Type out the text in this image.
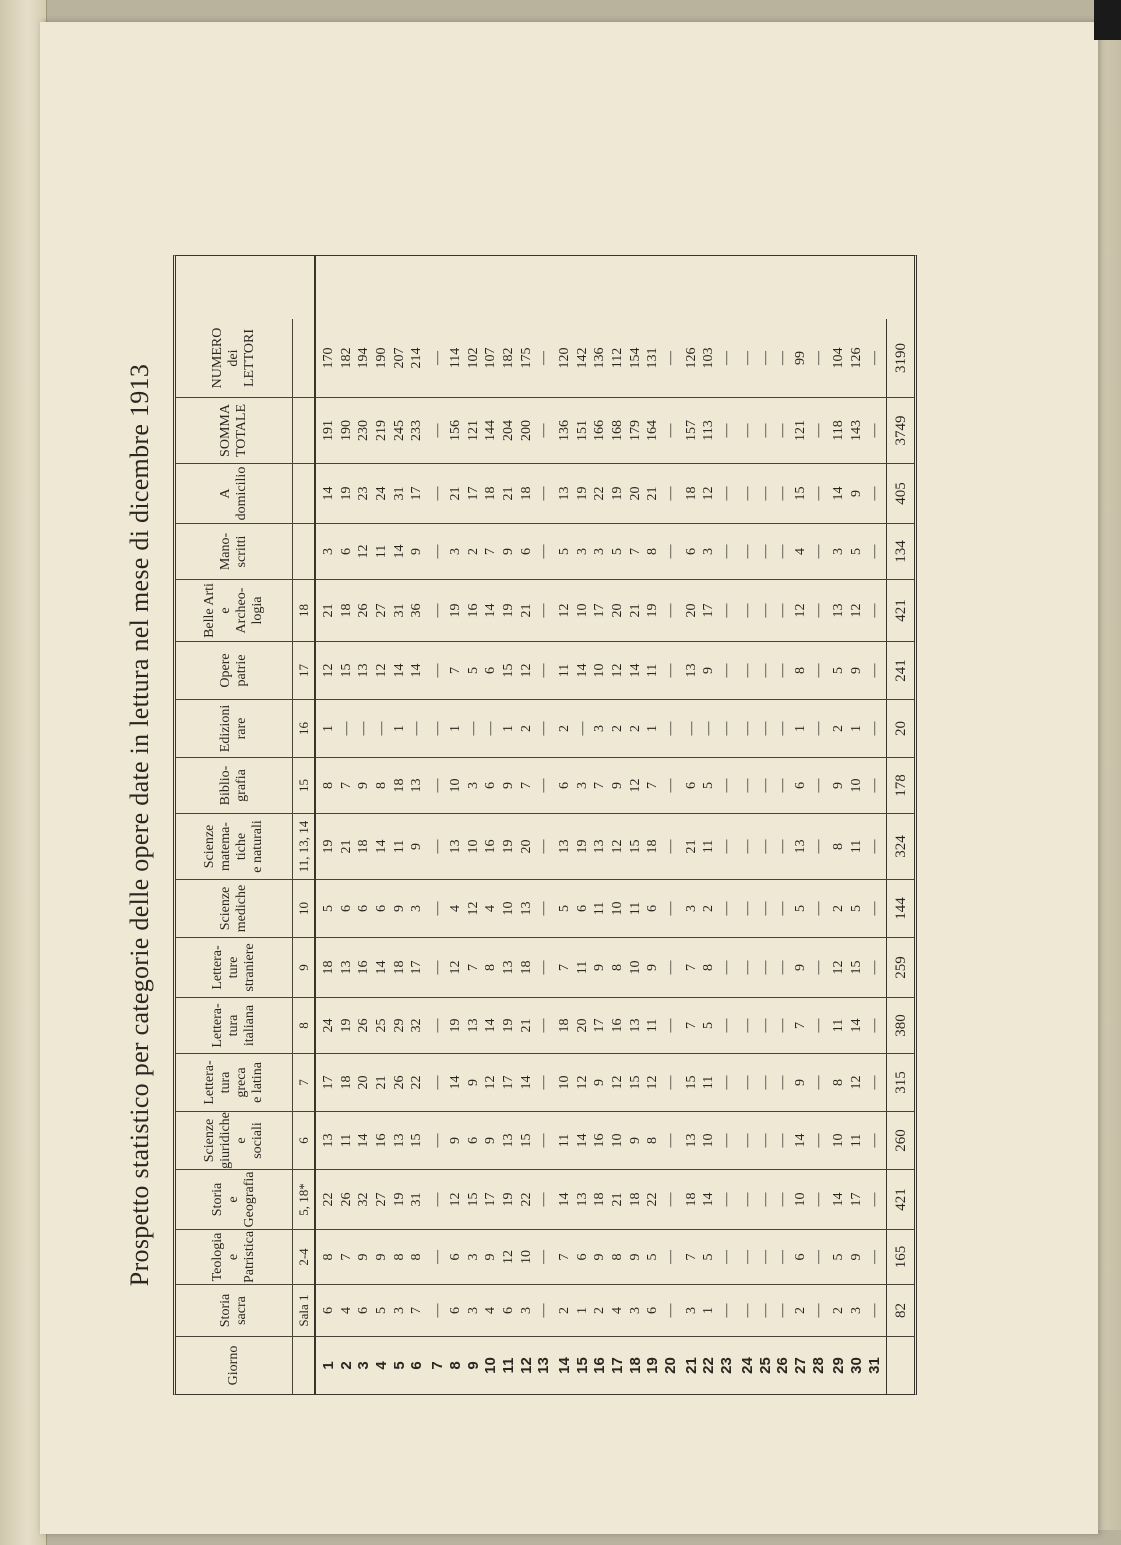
Prospetto statistico per categorie delle opere date in lettura nel mese di dicembre 1913
Giorno
Storia sacra
Teologia e Patristica
Storia e Geografia
Scienze giuridiche e sociali
Lettera- tura greca e latina
Lettera- tura italiana
Lettera- ture straniere
Scienze mediche
Scienze matema- tiche e naturali
Biblio- grafia
Edizioni rare
Opere patrie
Belle Arti e Archeo- logia
Mano- scritti
A domicilio
SOMMA TOTALE
NUMERO dei LETTORI
Sala 1
2-4
5, 18*
6
7
8
9
10
11, 13, 14
15
16
17
18
1 2 3 4 5 6 7 8 9 10 11 12 13 14 15 16 17 18 19 20 21 22 23 24 25 26 27 28 29 30 31
6 4 6 5 3 7 — 6 3 4 6 3 — 2 1 2 4 3 6 — 3 1 — — — — 2 — 2 3 —
8 7 9 9 8 8 — 6 3 9 12 10 — 7 6 9 8 9 5 — 7 5 — — — — 6 — 5 9 —
22 26 32 27 19 31 — 12 15 17 19 22 — 14 13 18 21 18 22 — 18 14 — — — — 10 — 14 17 —
13 11 14 16 13 15 — 9 6 9 13 15 — 11 14 16 10 9 8 — 13 10 — — — — 14 — 10 11 —
17 18 20 21 26 22 — 14 9 12 17 14 — 10 12 9 12 15 12 — 15 11 — — — — 9 — 8 12 —
24 19 26 25 29 32 — 19 13 14 19 21 — 18 20 17 16 13 11 — 7 5 — — — — 7 — 11 14 —
18 13 16 14 18 17 — 12 7 8 13 18 — 7 11 9 8 10 9 — 7 8 — — — — 9 — 12 15 —
5 6 6 6 9 3 — 4 12 4 10 13 — 5 6 11 10 11 6 — 3 2 — — — — 5 — 2 5 —
19 21 18 14 11 9 — 13 10 16 19 20 — 13 19 13 12 15 18 — 21 11 — — — — 13 — 8 11 —
8 7 9 8 18 13 — 10 3 6 9 7 — 6 3 7 9 12 7 — 6 5 — — — — 6 — 9 10 —
1 — — — 1 — — 1 — — 1 2 — 2 — 3 2 2 1 — — — — — — — 1 — 2 1 —
12 15 13 12 14 14 — 7 5 6 15 12 — 11 14 10 12 14 11 — 13 9 — — — — 8 — 5 9 —
21 18 26 27 31 36 — 19 16 14 19 21 — 12 10 17 20 21 19 — 20 17 — — — — 12 — 13 12 —
3 6 12 11 14 9 — 3 2 7 9 6 — 5 3 3 5 7 8 — 6 3 — — — — 4 — 3 5 —
14 19 23 24 31 17 — 21 17 18 21 18 — 13 19 22 19 20 21 — 18 12 — — — — 15 — 14 9 —
191 190 230 219 245 233 — 156 121 144 204 200 — 136 151 166 168 179 164 — 157 113 — — — — 121 — 118 143 —
170 182 194 190 207 214 — 114 102 107 182 175 — 120 142 136 112 154 131 — 126 103 — — — — 99 — 104 126 —
82
165
421
260
315
380
259
144
324
178
20
241
421
134
405
3749
3190
